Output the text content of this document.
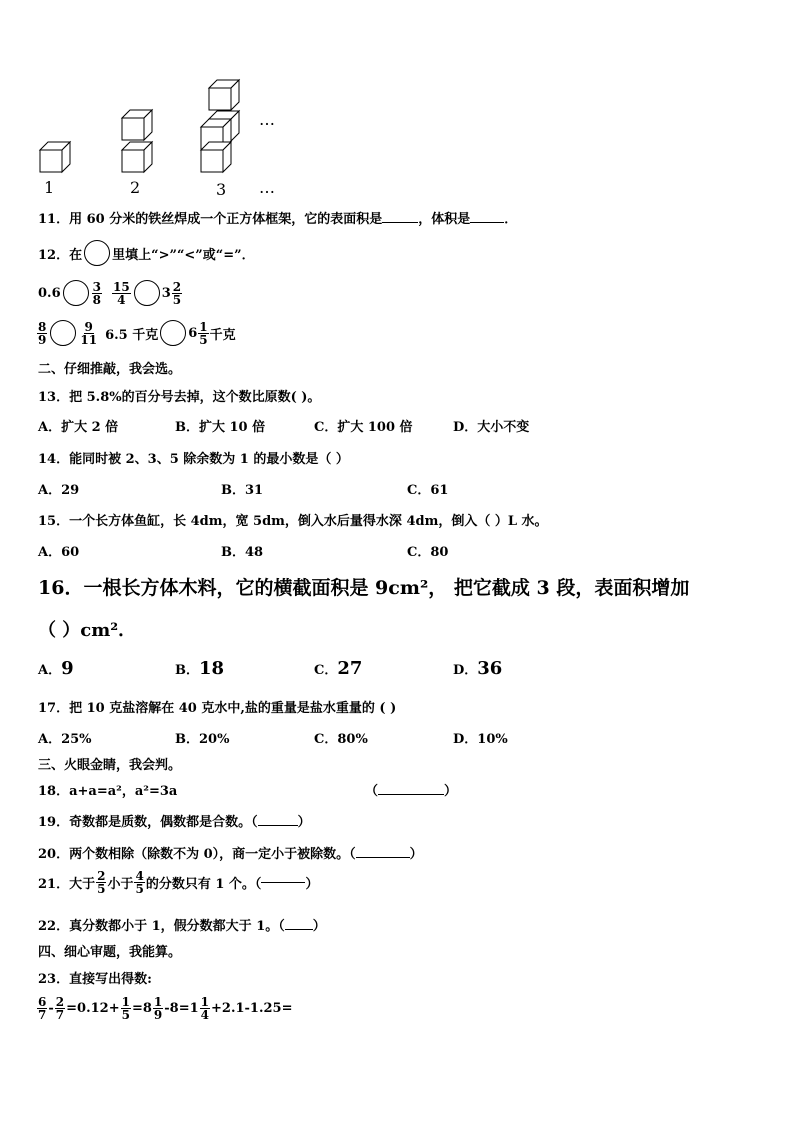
1	2	3
…
…
11．用 60 分米的铁丝焊成一个正方体框架，它的表面积是	，体积是	．
12．在 里填上“>”“<”或“=”．
0.6	$\frac{3}{8} \frac{15}{4} 3 \frac{2}{5}$
$\frac{8}{9}$	$\frac{9}{11} 6.5$ 千克 $6 \frac{1}{5}$ 千克
二、仔细推敲，我会选。
13．把 5.8%的百分号去掉，这个数比原数( )。
A．扩大 2 倍	B．扩大 10 倍	C．扩大 100 倍	D．大小不变
14．能同时被 2、3、5 除余数为 1 的最小数是（ ）
A．29	B．31	C．61
15．一个长方体鱼缸，长 4dm，宽 5dm，倒入水后量得水深 4dm，倒入（ ）L 水。
A．60	B．48	C．80
16．一根长方体木料，它的横截面积是 9cm²， 把它截成 3 段，表面积增加
（ ）cm²．
A． 9	B． 18	C． 27	D． 36
17．把 10 克盐溶解在 40 克水中,盐的重量是盐水重量的 ( )
A．25%	B．20%	C．80%	D．10%
三、火眼金睛，我会判。
18．a+a=a²，a²=3a	（	）
19．奇数都是质数，偶数都是合数。（	）
20．两个数相除（除数不为 0），商一定小于被除数。（	）
21．大于 $\frac{2}{5}$ 小于 $\frac{4}{5}$ 的分数只有 1 个。（	）
22．真分数都小于 1，假分数都大于 1。（ ）
四、细心审题，我能算。
23．直接写出得数:
$\frac{6}{7} - \frac{2}{7} = 0.12+ \frac{1}{5} = 8 \frac{1}{9} -8= 1 \frac{1}{4} +2.1-1.25=$
